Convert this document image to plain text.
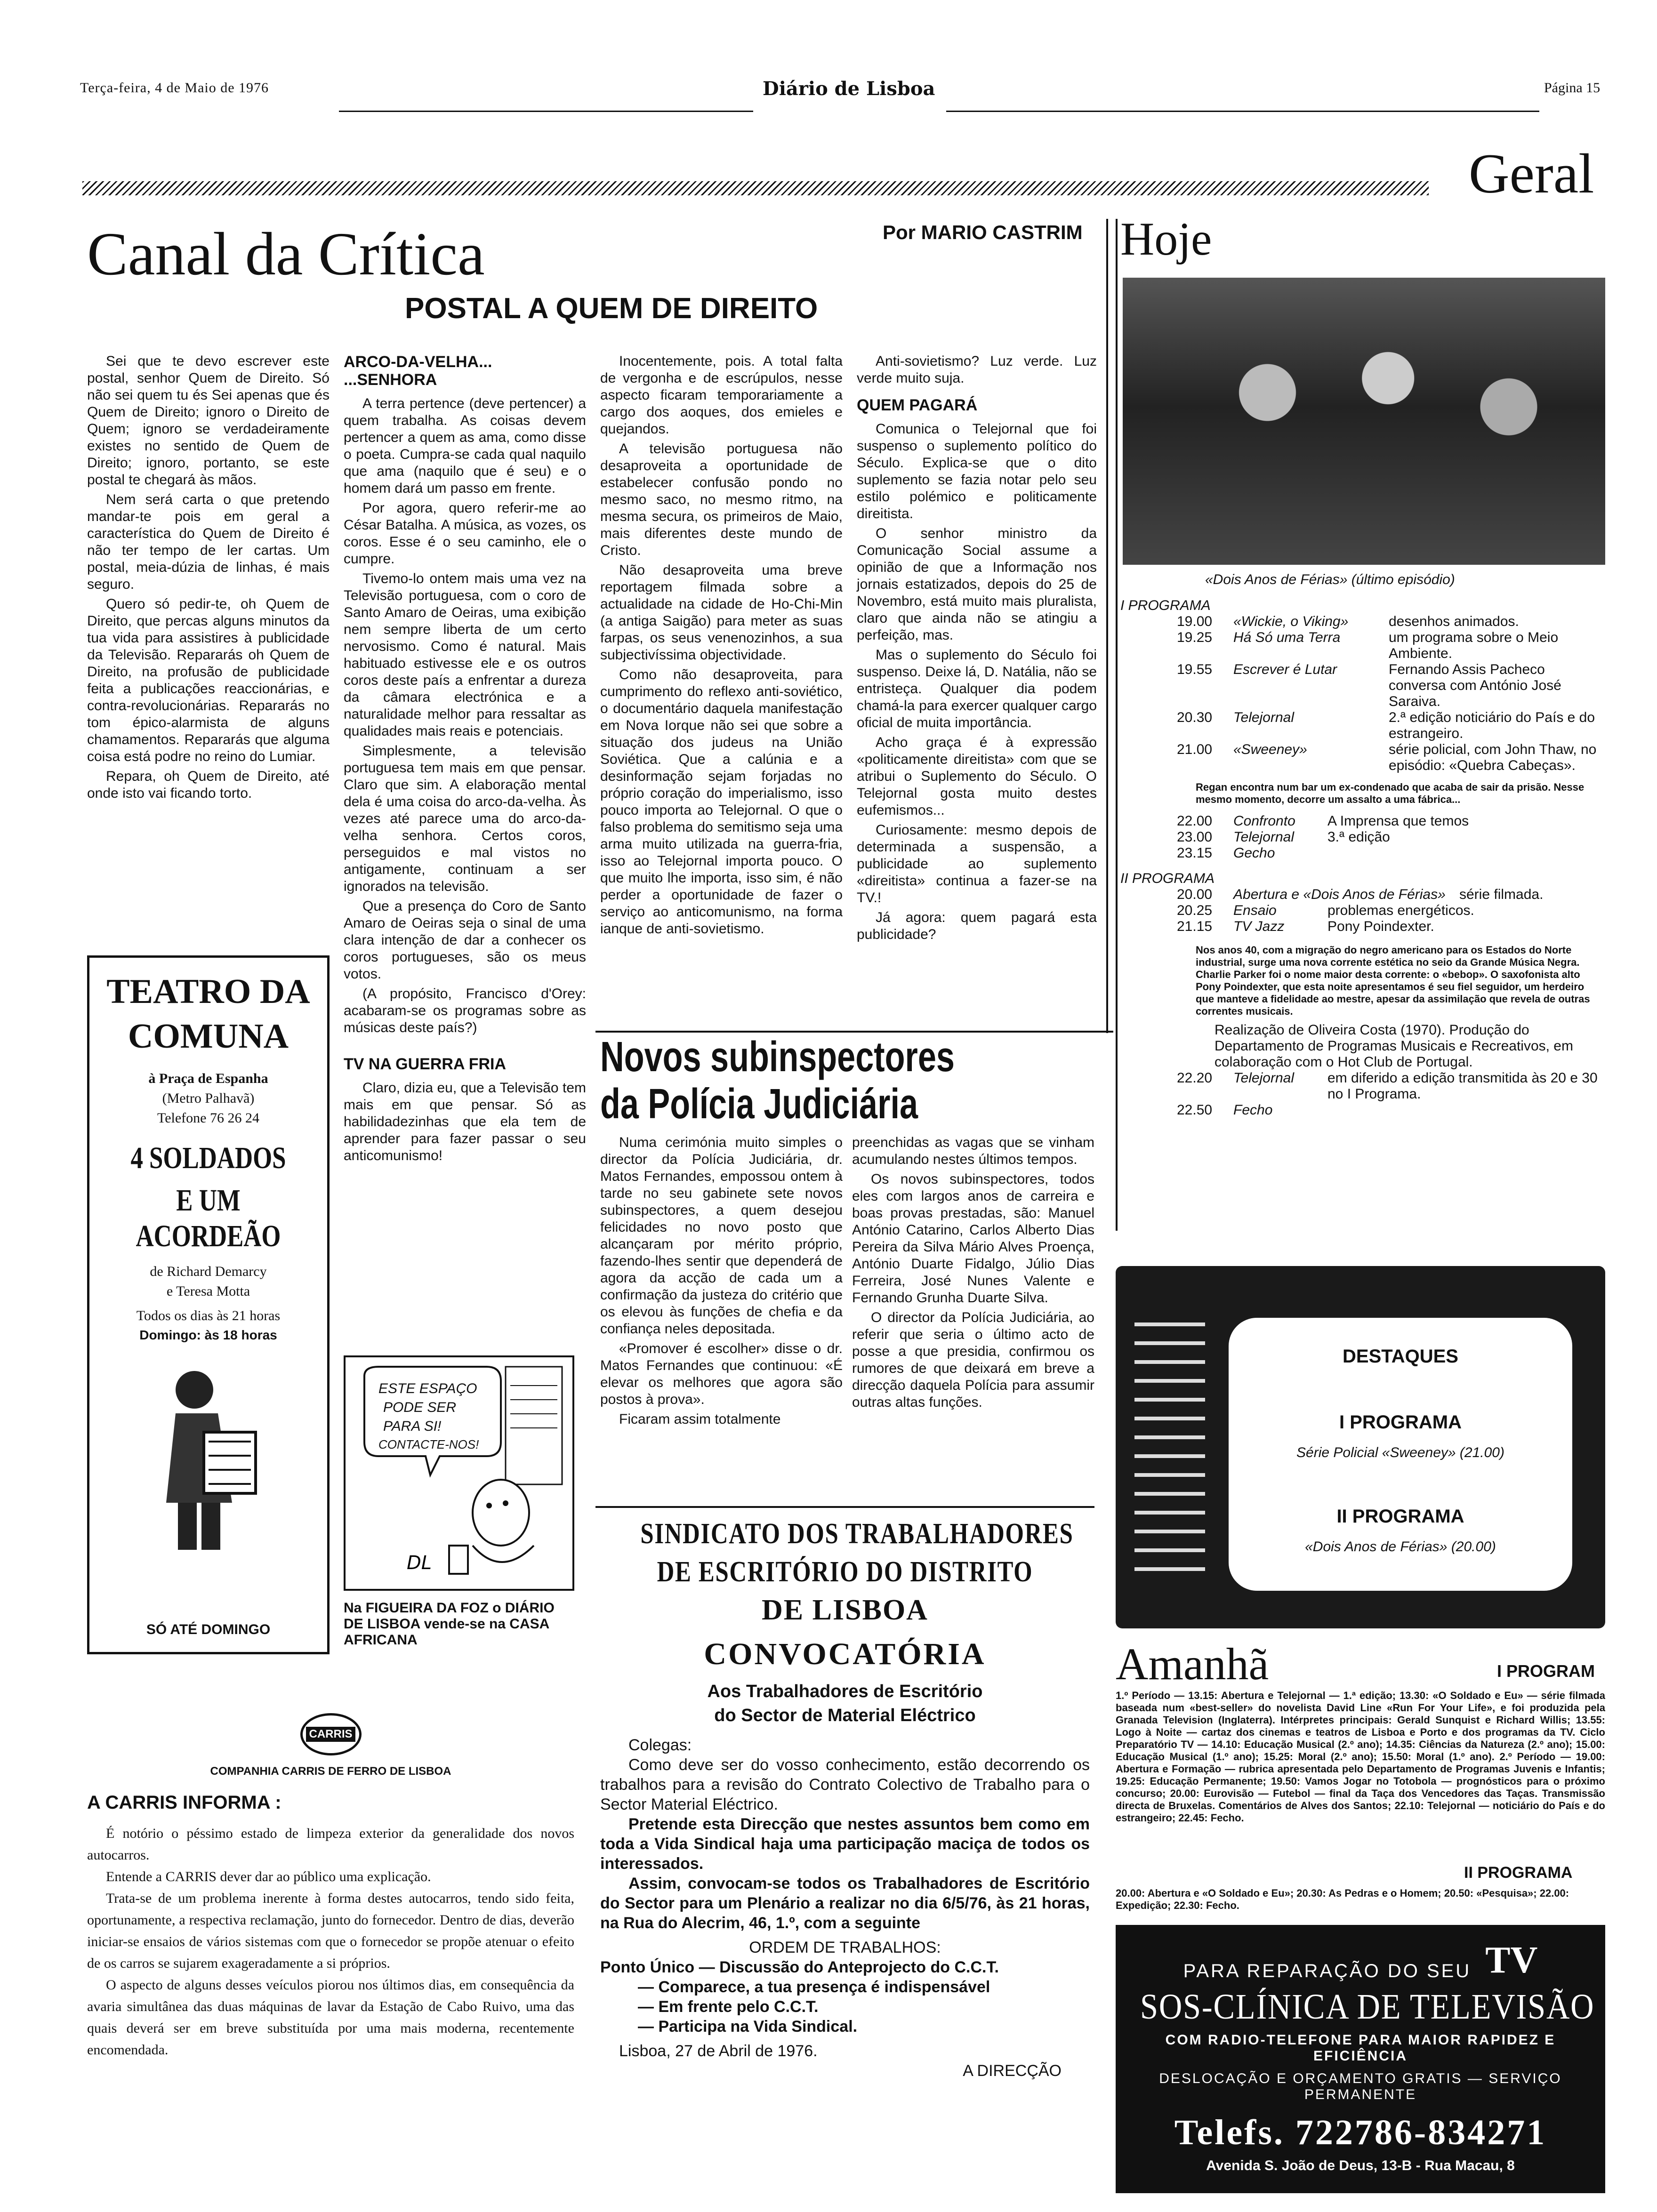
Terça-feira, 4 de Maio de 1976	Diário de Lisboa	Página 15
Geral
Canal da Crítica	Por MARIO CASTRIM
POSTAL A QUEM DE DIREITO

Sei que te devo escrever este postal, senhor Quem de Direito. Só não sei quem tu és Sei apenas que és Quem de Direito; ignoro o Direito de Quem; ignoro se verdadeiramente existes no sentido de Quem de Direito; ignoro, portanto, se este postal te chegará às mãos.

Nem será carta o que pretendo mandar-te pois em geral a característica do Quem de Direito é não ter tempo de ler cartas. Um postal, meia-dúzia de linhas, é mais seguro.

Quero só pedir-te, oh Quem de Direito, que percas alguns minutos da tua vida para assistires à publicidade da Televisão. Repararás oh Quem de Direito, na profusão de publicidade feita a publicações reaccionárias, e contra-revolucionárias. Repararás no tom épico-alarmista de alguns chamamentos. Repararás que alguma coisa está podre no reino do Lumiar.

Repara, oh Quem de Direito, até onde isto vai ficando torto.

ARCO-DA-VELHA... ...SENHORA

A terra pertence (deve pertencer) a quem trabalha. As coisas devem pertencer a quem as ama, como disse o poeta. Cumpra-se cada qual naquilo que ama (naquilo que é seu) e o homem dará um passo em frente.

Por agora, quero referir-me ao César Batalha. A música, as vozes, os coros. Esse é o seu caminho, ele o cumpre.

Tivemo-lo ontem mais uma vez na Televisão portuguesa, com o coro de Santo Amaro de Oeiras, uma exibição nem sempre liberta de um certo nervosismo. Como é natural. Mais habituado estivesse ele e os outros coros deste país a enfrentar a dureza da câmara electrónica e a naturalidade melhor para ressaltar as qualidades mais reais e potenciais.

Simplesmente, a televisão portuguesa tem mais em que pensar. Claro que sim. A elaboração mental dela é uma coisa do arco-da-velha. Às vezes até parece uma do arco-da-velha senhora. Certos coros, perseguidos e mal vistos no antigamente, continuam a ser ignorados na televisão.

Que a presença do Coro de Santo Amaro de Oeiras seja o sinal de uma clara intenção de dar a conhecer os coros portugueses, são os meus votos.

(A propósito, Francisco d'Orey: acabaram-se os programas sobre as músicas deste país?)

TV NA GUERRA FRIA

Claro, dizia eu, que a Televisão tem mais em que pensar. Só as habilidadezinhas que ela tem de aprender para fazer passar o seu anticomunismo!

Inocentemente, pois. A total falta de vergonha e de escrúpulos, nesse aspecto ficaram temporariamente a cargo dos aoques, dos emieles e quejandos.

A televisão portuguesa não desaproveita a oportunidade de estabelecer confusão pondo no mesmo saco, no mesmo ritmo, na mesma secura, os primeiros de Maio, mais diferentes deste mundo de Cristo.

Não desaproveita uma breve reportagem filmada sobre a actualidade na cidade de Ho-Chi-Min (a antiga Saigão) para meter as suas farpas, os seus venenozinhos, a sua subjectivíssima objectividade.

Como não desaproveita, para cumprimento do reflexo anti-soviético, o documentário daquela manifestação em Nova Iorque não sei que sobre a situação dos judeus na União Soviética. Que a calúnia e a desinformação sejam forjadas no próprio coração do imperialismo, isso pouco importa ao Telejornal. O que o falso problema do semitismo seja uma arma muito utilizada na guerra-fria, isso ao Telejornal importa pouco. O que muito lhe importa, isso sim, é não perder a oportunidade de fazer o serviço ao anticomunismo, na forma ianque de anti-sovietismo.

Anti-sovietismo? Luz verde. Luz verde muito suja.

QUEM PAGARÁ

Comunica o Telejornal que foi suspenso o suplemento político do Século. Explica-se que o dito suplemento se fazia notar pelo seu estilo polémico e politicamente direitista.

O senhor ministro da Comunicação Social assume a opinião de que a Informação nos jornais estatizados, depois do 25 de Novembro, está muito mais pluralista, claro que ainda não se atingiu a perfeição, mas.

Mas o suplemento do Século foi suspenso. Deixe lá, D. Natália, não se entristeça. Qualquer dia podem chamá-la para exercer qualquer cargo oficial de muita importância.

Acho graça é à expressão «politicamente direitista» com que se atribui o Suplemento do Século. O Telejornal gosta muito destes eufemismos...

Curiosamente: mesmo depois de determinada a suspensão, a publicidade ao suplemento «direitista» continua a fazer-se na TV.!

Já agora: quem pagará esta publicidade?

TEATRO DA
COMUNA
à Praça de Espanha
(Metro Palhavã)
Telefone 76 26 24
4 SOLDADOS
E UM ACORDEÃO
de Richard Demarcy
e Teresa Motta
Todos os dias às 21 horas
Domingo: às 18 horas
SÓ ATÉ DOMINGO
DL
ESTE ESPAÇO
PODE SER
PARA SI!
CONTACTE-NOS!
Na FIGUEIRA DA FOZ o DIÁRIO DE LISBOA vende-se na CASA AFRICANA
CARRIS
COMPANHIA CARRIS DE FERRO DE LISBOA
A CARRIS INFORMA :

É notório o péssimo estado de limpeza exterior da generalidade dos novos autocarros.

Entende a CARRIS dever dar ao público uma explicação.

Trata-se de um problema inerente à forma destes autocarros, tendo sido feita, oportunamente, a respectiva reclamação, junto do fornecedor. Dentro de dias, deverão iniciar-se ensaios de vários sistemas com que o fornecedor se propõe atenuar o efeito de os carros se sujarem exageradamente a si próprios.

O aspecto de alguns desses veículos piorou nos últimos dias, em consequência da avaria simultânea das duas máquinas de lavar da Estação de Cabo Ruivo, uma das quais deverá ser em breve substituída por uma mais moderna, recentemente encomendada.

Novos subinspectores
da Polícia Judiciária

Numa cerimónia muito simples o director da Polícia Judiciária, dr. Matos Fernandes, empossou ontem à tarde no seu gabinete sete novos subinspectores, a quem desejou felicidades no novo posto que alcançaram por mérito próprio, fazendo-lhes sentir que dependerá de agora da acção de cada um a confirmação da justeza do critério que os elevou às funções de chefia e da confiança neles depositada.

«Promover é escolher» disse o dr. Matos Fernandes que continuou: «É elevar os melhores que agora são postos à prova».

Ficaram assim totalmente

preenchidas as vagas que se vinham acumulando nestes últimos tempos.

Os novos subinspectores, todos eles com largos anos de carreira e boas provas prestadas, são: Manuel António Catarino, Carlos Alberto Dias Pereira da Silva Mário Alves Proença, António Duarte Fidalgo, Júlio Dias Ferreira, José Nunes Valente e Fernando Grunha Duarte Silva.

O director da Polícia Judiciária, ao referir que seria o último acto de posse a que presidia, confirmou os rumores de que deixará em breve a direcção daquela Polícia para assumir outras altas funções.

SINDICATO DOS TRABALHADORES
DE ESCRITÓRIO DO DISTRITO
DE LISBOA
CONVOCATÓRIA
Aos Trabalhadores de Escritório
do Sector de Material Eléctrico
Colegas:

Como deve ser do vosso conhecimento, estão decorrendo os trabalhos para a revisão do Contrato Colectivo de Trabalho para o Sector Material Eléctrico.

Pretende esta Direcção que nestes assuntos bem como em toda a Vida Sindical haja uma participação maciça de todos os interessados.

Assim, convocam-se todos os Trabalhadores de Escritório do Sector para um Plenário a realizar no dia 6/5/76, às 21 horas, na Rua do Alecrim, 46, 1.º, com a seguinte

ORDEM DE TRABALHOS:
Ponto Único — Discussão do Anteprojecto do C.C.T.
— Comparece, a tua presença é indispensável
— Em frente pelo C.C.T.
— Participa na Vida Sindical.
Lisboa, 27 de Abril de 1976.
A DIRECÇÃO
Hoje
«Dois Anos de Férias» (último episódio)
I PROGRAMA
19.00	«Wickie, o Viking»	desenhos animados.
19.25	Há Só uma Terra	um programa sobre o Meio Ambiente.
19.55	Escrever é Lutar	Fernando Assis Pacheco conversa com António José Saraiva.
20.30	Telejornal	2.ª edição noticiário do País e do estrangeiro.
21.00	«Sweeney»	série policial, com John Thaw, no episódio: «Quebra Cabeças».
Regan encontra num bar um ex-condenado que acaba de sair da prisão. Nesse mesmo momento, decorre um assalto a uma fábrica...
22.00	Confronto	A Imprensa que temos
23.00	Telejornal	3.ª edição
23.15	Gecho
II PROGRAMA
20.00	Abertura e «Dois Anos de Férias» série filmada.
20.25	Ensaio	problemas energéticos.
21.15	TV Jazz	Pony Poindexter.
Nos anos 40, com a migração do negro americano para os Estados do Norte industrial, surge uma nova corrente estética no seio da Grande Música Negra. Charlie Parker foi o nome maior desta corrente: o «bebop». O saxofonista alto Pony Poindexter, que esta noite apresentamos é seu fiel seguidor, um herdeiro que manteve a fidelidade ao mestre, apesar da assimilação que revela de outras correntes musicais.
Realização de Oliveira Costa (1970). Produção do Departamento de Programas Musicais e Recreativos, em colaboração com o Hot Club de Portugal.
22.20	Telejornal	em diferido a edição transmitida às 20 e 30 no I Programa.
22.50	Fecho
DESTAQUES
I PROGRAMA
Série Policial «Sweeney» (21.00)
II PROGRAMA
«Dois Anos de Férias» (20.00)
Amanhã	I PROGRAM
1.º Período — 13.15: Abertura e Telejornal — 1.ª edição; 13.30: «O Soldado e Eu» — série filmada baseada num «best-seller» do novelista David Line «Run For Your Life», e foi produzida pela Granada Television (Inglaterra). Intérpretes principais: Gerald Sunquist e Richard Willis; 13.55: Logo à Noite — cartaz dos cinemas e teatros de Lisboa e Porto e dos programas da TV. Ciclo Preparatório TV — 14.10: Educação Musical (2.º ano); 14.35: Ciências da Natureza (2.º ano); 15.00: Educação Musical (1.º ano); 15.25: Moral (2.º ano); 15.50: Moral (1.º ano). 2.º Período — 19.00: Abertura e Formação — rubrica apresentada pelo Departamento de Programas Juvenis e Infantis; 19.25: Educação Permanente; 19.50: Vamos Jogar no Totobola — prognósticos para o próximo concurso; 20.00: Eurovisão — Futebol — final da Taça dos Vencedores das Taças. Transmissão directa de Bruxelas. Comentários de Alves dos Santos; 22.10: Telejornal — noticiário do País e do estrangeiro; 22.45: Fecho.
II PROGRAMA
20.00: Abertura e «O Soldado e Eu»; 20.30: As Pedras e o Homem; 20.50: «Pesquisa»; 22.00: Expedição; 22.30: Fecho.
PARA REPARAÇÃO DO SEU TV
SOS-CLÍNICA DE TELEVISÃO
COM RADIO-TELEFONE PARA MAIOR RAPIDEZ E EFICIÊNCIA
DESLOCAÇÃO E ORÇAMENTO GRATIS — SERVIÇO PERMANENTE
Telefs. 722786-834271
Avenida S. João de Deus, 13-B - Rua Macau, 8
